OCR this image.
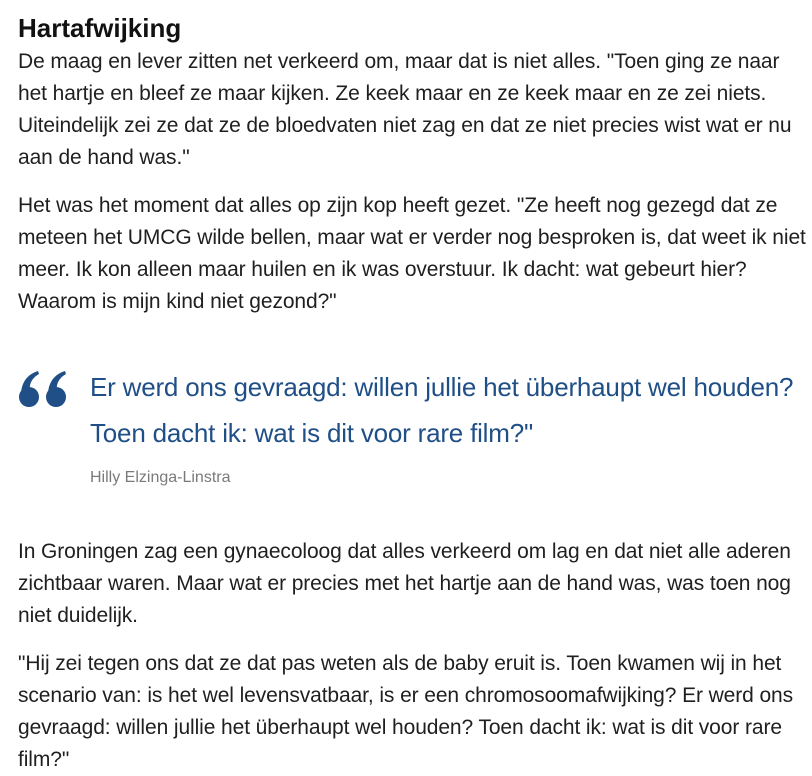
Hartafwijking

De maag en lever zitten net verkeerd om, maar dat is niet alles. "Toen ging ze naar het hartje en bleef ze maar kijken. Ze keek maar en ze keek maar en ze zei niets. Uiteindelijk zei ze dat ze de bloedvaten niet zag en dat ze niet precies wist wat er nu aan de hand was."

Het was het moment dat alles op zijn kop heeft gezet. "Ze heeft nog gezegd dat ze meteen het UMCG wilde bellen, maar wat er verder nog besproken is, dat weet ik niet meer. Ik kon alleen maar huilen en ik was overstuur. Ik dacht: wat gebeurt hier? Waarom is mijn kind niet gezond?"

Er werd ons gevraagd: willen jullie het überhaupt wel houden? Toen dacht ik: wat is dit voor rare film?"
Hilly Elzinga-Linstra

In Groningen zag een gynaecoloog dat alles verkeerd om lag en dat niet alle aderen zichtbaar waren. Maar wat er precies met het hartje aan de hand was, was toen nog niet duidelijk.

"Hij zei tegen ons dat ze dat pas weten als de baby eruit is. Toen kwamen wij in het scenario van: is het wel levensvatbaar, is er een chromosoomafwijking? Er werd ons gevraagd: willen jullie het überhaupt wel houden? Toen dacht ik: wat is dit voor rare film?"
